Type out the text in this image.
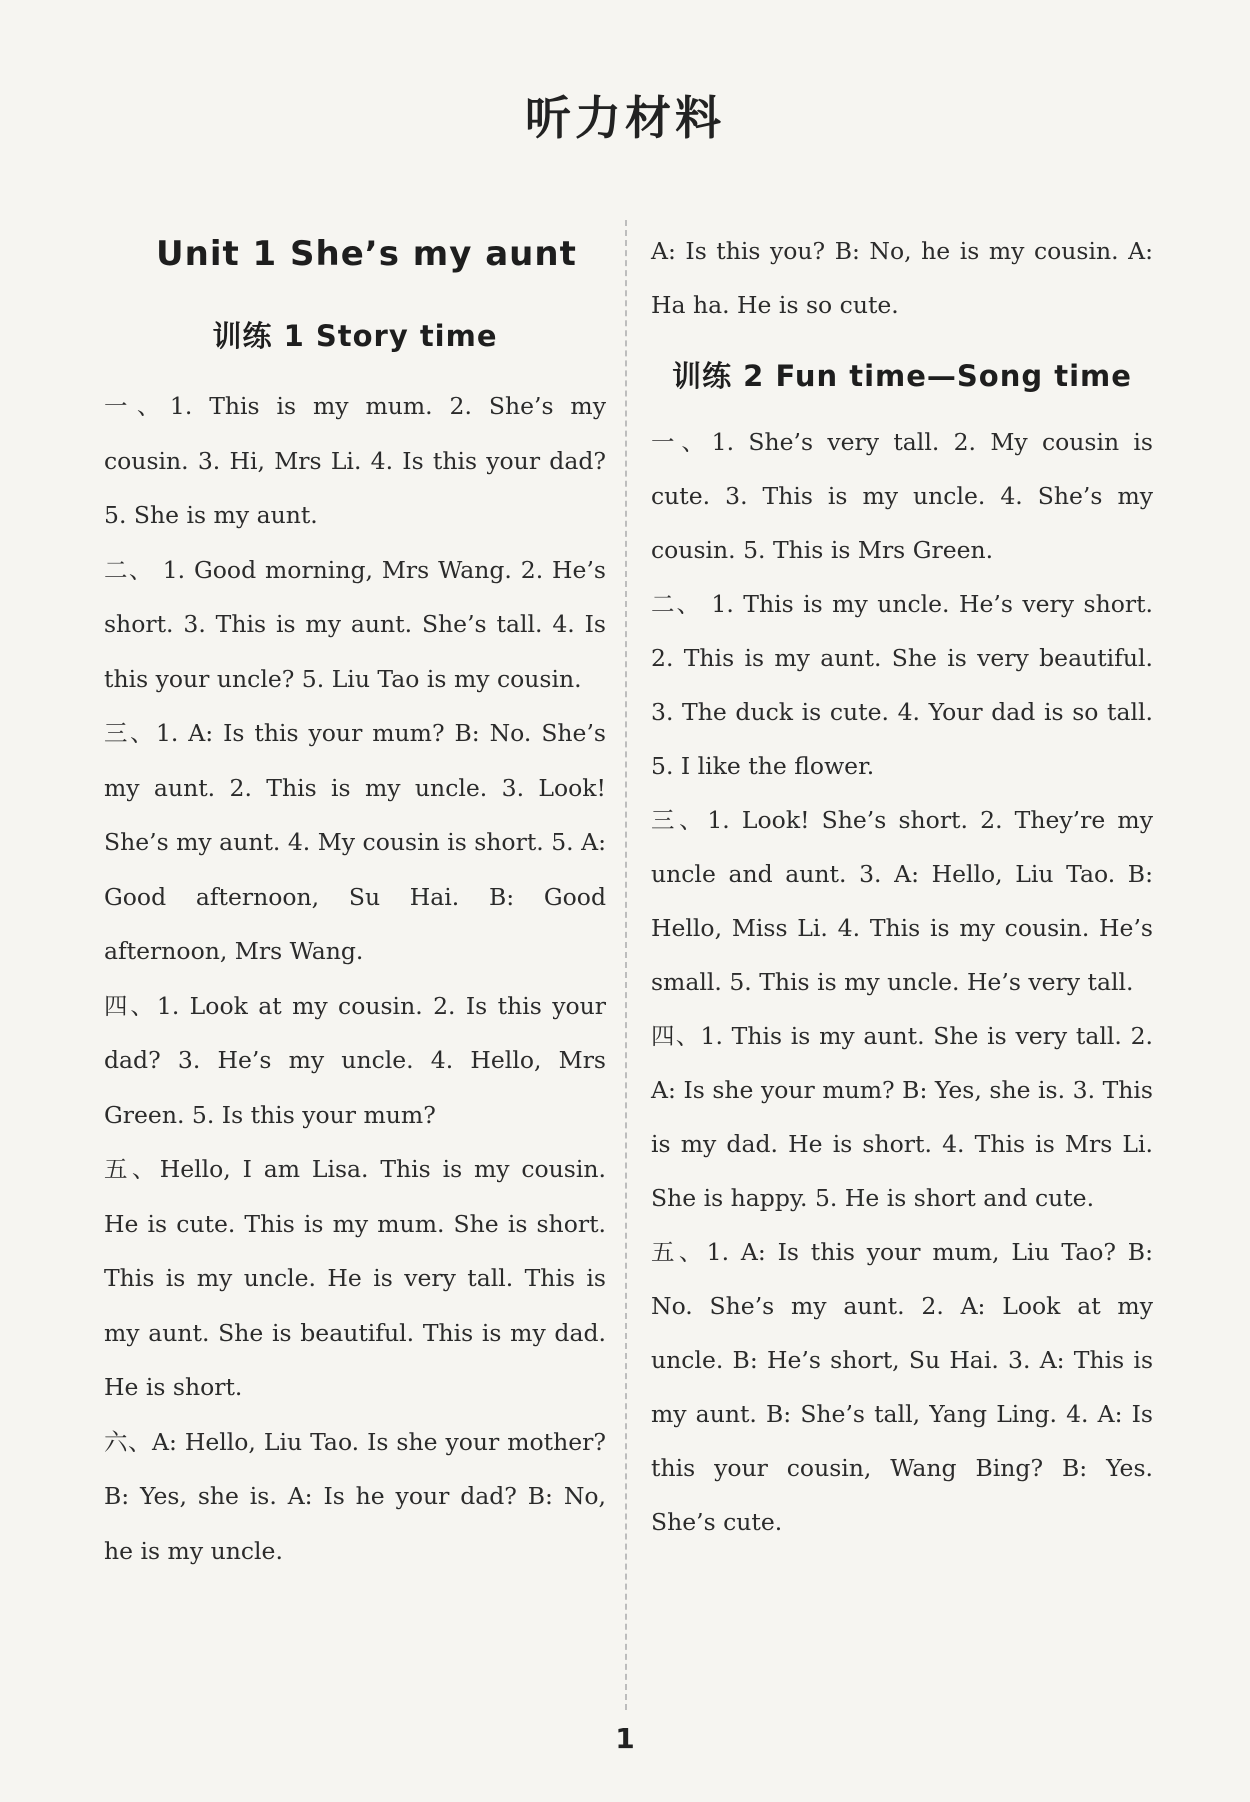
听力材料
Unit 1 She’s my aunt
训练 1 Story time

一、1. This is my mum. 2. She’s my cousin. 3. Hi, Mrs Li. 4. Is this your dad? 5. She is my aunt.

二、 1. Good morning, Mrs Wang. 2. He’s short. 3. This is my aunt. She’s tall. 4. Is this your uncle? 5. Liu Tao is my cousin.

三、1. A: Is this your mum? B: No. She’s my aunt. 2. This is my uncle. 3. Look! She’s my aunt. 4. My cousin is short. 5. A: Good afternoon, Su Hai. B: Good afternoon, Mrs Wang.

四、1. Look at my cousin. 2. Is this your dad? 3. He’s my uncle. 4. Hello, Mrs Green. 5. Is this your mum?

五、Hello, I am Lisa. This is my cousin. He is cute. This is my mum. She is short. This is my uncle. He is very tall. This is my aunt. She is beautiful. This is my dad. He is short.

六、A: Hello, Liu Tao. Is she your mother? B: Yes, she is. A: Is he your dad? B: No, he is my uncle.

A: Is this you? B: No, he is my cousin. A: Ha ha. He is so cute.

训练 2 Fun time—Song time

一、1. She’s very tall. 2. My cousin is cute. 3. This is my uncle. 4. She’s my cousin. 5. This is Mrs Green.

二、 1. This is my uncle. He’s very short. 2. This is my aunt. She is very beautiful. 3. The duck is cute. 4. Your dad is so tall. 5. I like the flower.

三、1. Look! She’s short. 2. They’re my uncle and aunt. 3. A: Hello, Liu Tao. B: Hello, Miss Li. 4. This is my cousin. He’s small. 5. This is my uncle. He’s very tall.

四、1. This is my aunt. She is very tall. 2. A: Is she your mum? B: Yes, she is. 3. This is my dad. He is short. 4. This is Mrs Li. She is happy. 5. He is short and cute.

五、1. A: Is this your mum, Liu Tao? B: No. She’s my aunt. 2. A: Look at my uncle. B: He’s short, Su Hai. 3. A: This is my aunt. B: She’s tall, Yang Ling. 4. A: Is this your cousin, Wang Bing? B: Yes. She’s cute.

1
